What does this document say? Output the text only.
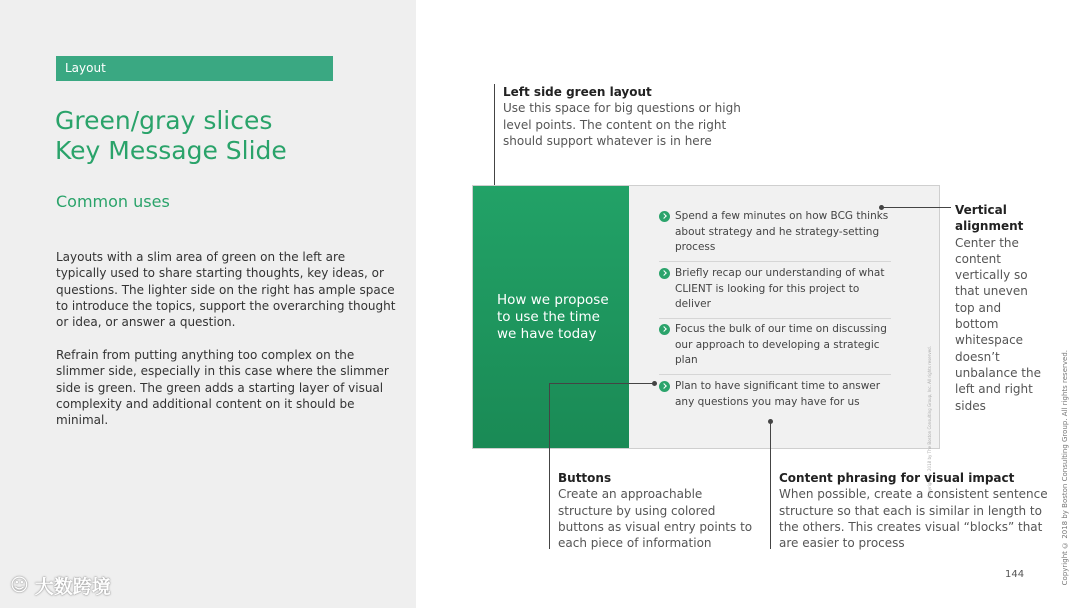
Layout
Green/gray slices
Key Message Slide
Common uses

Layouts with a slim area of green on the left are typically used to share starting thoughts, key ideas, or questions. The lighter side on the right has ample space to introduce the topics, support the overarching thought or idea, or answer a question.

Refrain from putting anything too complex on the slimmer side, especially in this case where the slimmer side is green. The green adds a starting layer of visual complexity and additional content on it should be minimal.

☺ 大数跨境
Left side green layout
Use this space for big questions or high level points. The content on the right should support whatever is in here
How we propose to use the time we have today
Spend a few minutes on how BCG thinks about strategy and he strategy-setting process
Briefly recap our understanding of what CLIENT is looking for this project to deliver
Focus the bulk of our time on discussing our approach to developing a strategic plan
Plan to have significant time to answer any questions you may have for us	Copyright © 2018 by The Boston Consulting Group, Inc. All rights reserved.
Vertical alignment
Center the content vertically so that uneven top and bottom whitespace doesn’t unbalance the left and right sides
Buttons
Create an approachable structure by using colored buttons as visual entry points to each piece of information
Content phrasing for visual impact
When possible, create a consistent sentence structure so that each is similar in length to the others. This creates visual “blocks” that are easier to process	Copyright © 2018 by Boston Consulting Group. All rights reserved.
144
